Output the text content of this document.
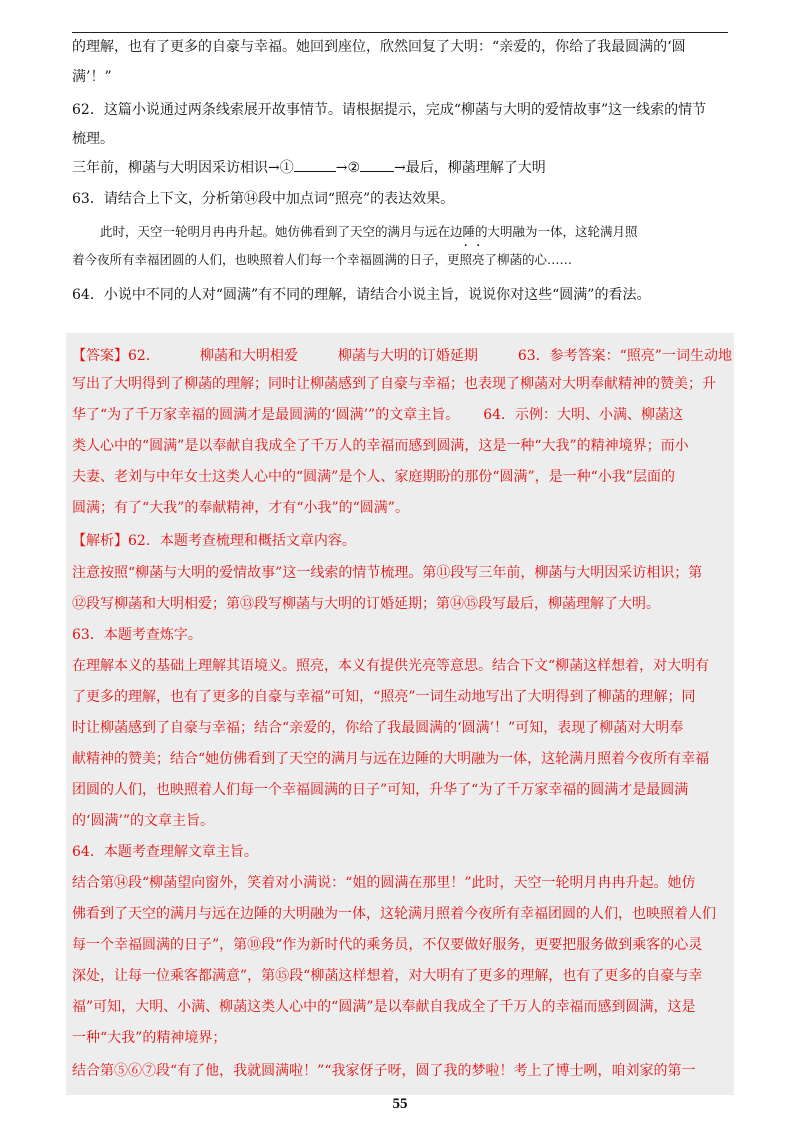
的理解，也有了更多的自豪与幸福。她回到座位，欣然回复了大明：“亲爱的，你给了我最圆满的‘圆
满’！”
62．这篇小说通过两条线索展开故事情节。请根据提示，完成“柳菡与大明的爱情故事”这一线索的情节
梳理。
三年前，柳菡与大明因采访相识→①	→② →最后，柳菡理解了大明
63．请结合上下文，分析第⑭段中加点词“照亮”的表达效果。
此时，天空一轮明月冉冉升起。她仿佛看到了天空的满月与远在边陲的大明融为一体，这轮满月照
着今夜所有幸福团圆的人们，也映照着人们每一个幸福圆满的日子，更照亮了柳菡的心……
64．小说中不同的人对“圆满”有不同的理解，请结合小说主旨，说说你对这些“圆满”的看法。
【答案】62．	柳菡和大明相爱	柳菡与大明的订婚延期	63．参考答案：“照亮”一词生动地
写出了大明得到了柳菡的理解；同时让柳菡感到了自豪与幸福；也表现了柳菡对大明奉献精神的赞美；升
华了“为了千万家幸福的圆满才是最圆满的‘圆满’”的文章主旨。 64．示例：大明、小满、柳菡这
类人心中的“圆满”是以奉献自我成全了千万人的幸福而感到圆满，这是一种“大我”的精神境界；而小
夫妻、老刘与中年女士这类人心中的“圆满”是个人、家庭期盼的那份“圆满”，是一种“小我”层面的
圆满；有了“大我”的奉献精神，才有“小我”的“圆满”。
【解析】62．本题考查梳理和概括文章内容。
注意按照“柳菡与大明的爱情故事”这一线索的情节梳理。第⑪段写三年前，柳菡与大明因采访相识；第
⑫段写柳菡和大明相爱；第⑬段写柳菡与大明的订婚延期；第⑭⑮段写最后，柳菡理解了大明。
63．本题考查炼字。
在理解本义的基础上理解其语境义。照亮，本义有提供光亮等意思。结合下文“柳菡这样想着，对大明有
了更多的理解，也有了更多的自豪与幸福”可知，“照亮”一词生动地写出了大明得到了柳菡的理解；同
时让柳菡感到了自豪与幸福；结合“亲爱的，你给了我最圆满的‘圆满’！”可知，表现了柳菡对大明奉
献精神的赞美；结合“她仿佛看到了天空的满月与远在边陲的大明融为一体，这轮满月照着今夜所有幸福
团圆的人们，也映照着人们每一个幸福圆满的日子”可知，升华了“为了千万家幸福的圆满才是最圆满
的‘圆满’”的文章主旨。
64．本题考查理解文章主旨。
结合第⑭段“柳菡望向窗外，笑着对小满说：“姐的圆满在那里！”此时，天空一轮明月冉冉升起。她仿
佛看到了天空的满月与远在边陲的大明融为一体，这轮满月照着今夜所有幸福团圆的人们，也映照着人们
每一个幸福圆满的日子”，第⑩段“作为新时代的乘务员，不仅要做好服务，更要把服务做到乘客的心灵
深处，让每一位乘客都满意”，第⑮段“柳菡这样想着，对大明有了更多的理解，也有了更多的自豪与幸
福”可知，大明、小满、柳菡这类人心中的“圆满”是以奉献自我成全了千万人的幸福而感到圆满，这是
一种“大我”的精神境界；
结合第⑤⑥⑦段“有了他，我就圆满啦！”“我家伢子呀，圆了我的梦啦！考上了博士咧，咱刘家的第一
55
